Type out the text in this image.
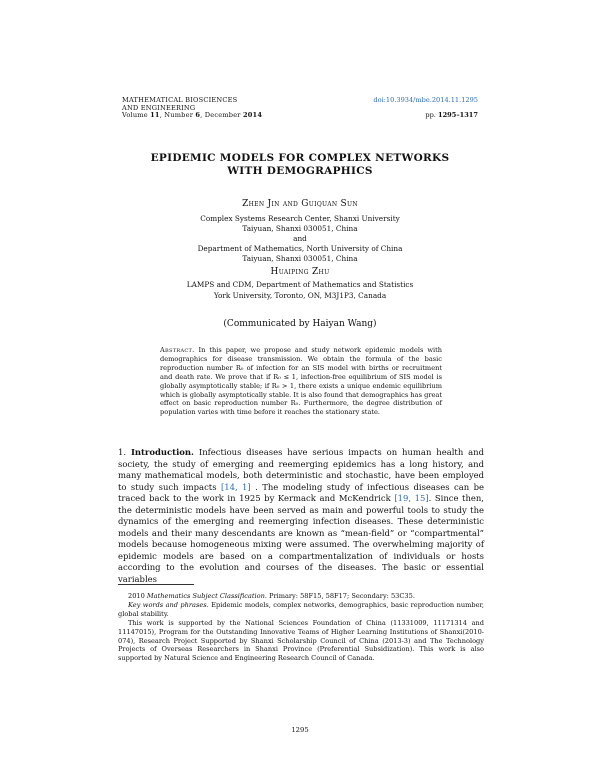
MATHEMATICAL BIOSCIENCES
AND ENGINEERING
Volume 11, Number 6, December 2014
doi:10.3934/mbe.2014.11.1295
pp. 1295–1317
EPIDEMIC MODELS FOR COMPLEX NETWORKS
WITH DEMOGRAPHICS
Zhen Jin and Guiquan Sun
Complex Systems Research Center, Shanxi University
Taiyuan, Shanxi 030051, China
and
Department of Mathematics, North University of China
Taiyuan, Shanxi 030051, China
Huaiping Zhu
LAMPS and CDM, Department of Mathematics and Statistics
York University, Toronto, ON, M3J1P3, Canada
(Communicated by Haiyan Wang)
Abstract. In this paper, we propose and study network epidemic models with demographics for disease transmission. We obtain the formula of the basic reproduction number R₀ of infection for an SIS model with births or recruitment and death rate. We prove that if R₀ ≤ 1, infection-free equilibrium of SIS model is globally asymptotically stable; if R₀ > 1, there exists a unique endemic equilibrium which is globally asymptotically stable. It is also found that demographics has great effect on basic reproduction number R₀. Furthermore, the degree distribution of population varies with time before it reaches the stationary state.
1. Introduction. Infectious diseases have serious impacts on human health and society, the study of emerging and reemerging epidemics has a long history, and many mathematical models, both deterministic and stochastic, have been employed to study such impacts [14, 1] . The modeling study of infectious diseases can be traced back to the work in 1925 by Kermack and McKendrick [19, 15]. Since then, the deterministic models have been served as main and powerful tools to study the dynamics of the emerging and reemerging infection diseases. These deterministic models and their many descendants are known as “mean-field” or “compartmental” models because homogeneous mixing were assumed. The overwhelming majority of epidemic models are based on a compartmentalization of individuals or hosts according to the evolution and courses of the diseases. The basic or essential variables

2010 Mathematics Subject Classification. Primary: 58F15, 58F17; Secondary: 53C35.

Key words and phrases. Epidemic models, complex networks, demographics, basic reproduction number, global stability.

This work is supported by the National Sciences Foundation of China (11331009, 11171314 and 11147015), Program for the Outstanding Innovative Teams of Higher Learning Institutions of Shanxi(2010-074), Research Project Supported by Shanxi Scholarship Council of China (2013-3) and The Technology Projects of Overseas Researchers in Shanxi Province (Preferential Subsidization). This work is also supported by Natural Science and Engineering Research Council of Canada.

1295
